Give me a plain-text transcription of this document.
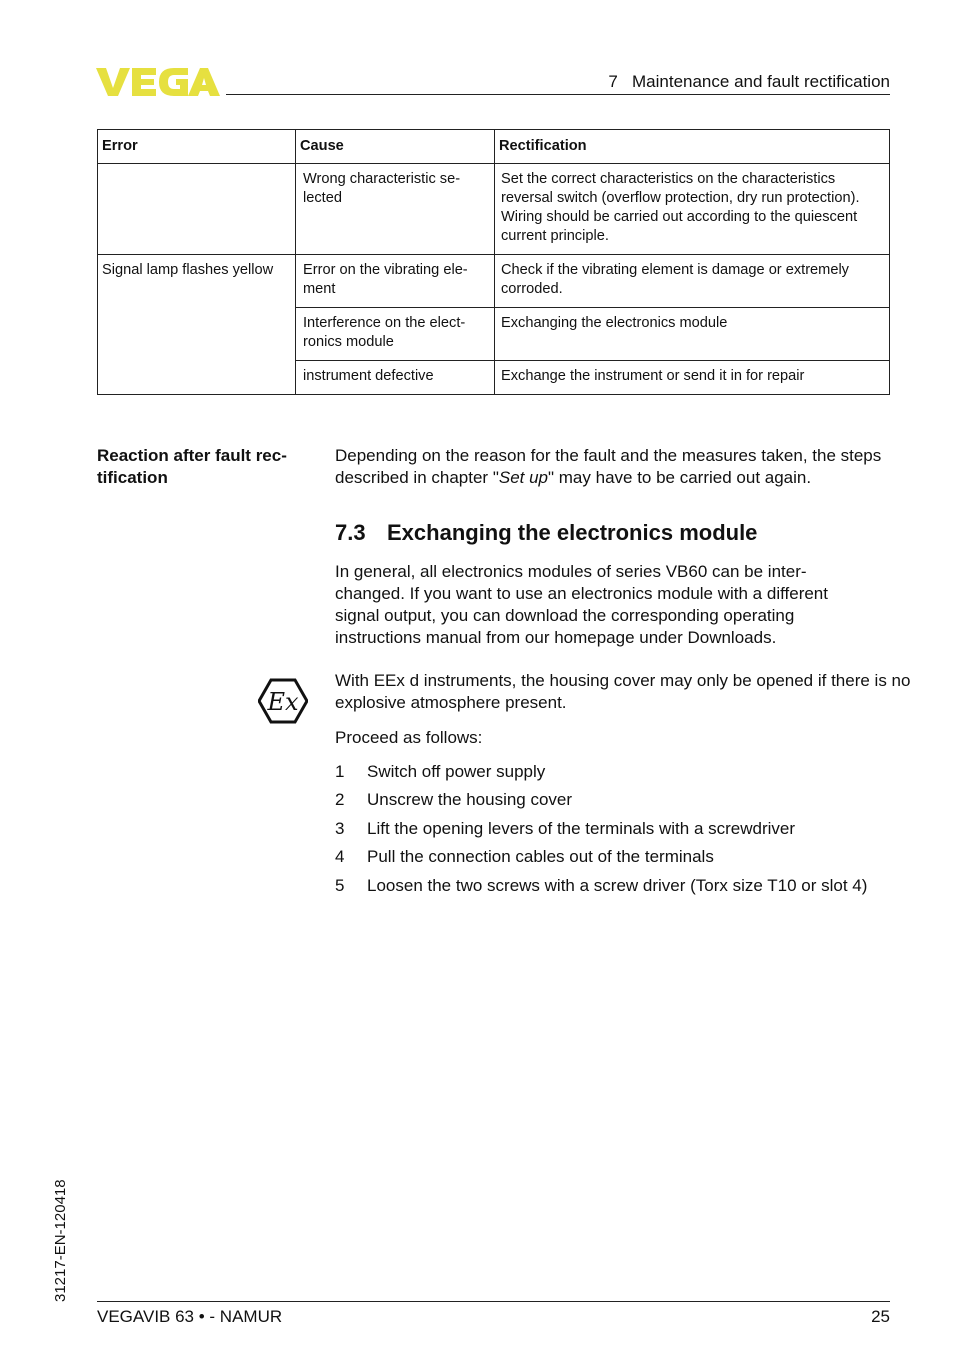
7   Maintenance and fault rectification
Error	Cause	Rectification
	Wrong characteristic se-lected	Set the correct characteristics on the characteristics reversal switch (overflow protection, dry run protection). Wiring should be carried out according to the quiescent current principle.
Signal lamp flashes yellow	Error on the vibrating ele-ment	Check if the vibrating element is damage or extremely corroded.
	Interference on the elect-ronics module	Exchanging the electronics module
	instrument defective	Exchange the instrument or send it in for repair
Reaction after fault rec-tification
Depending on the reason for the fault and the measures taken, the steps described in chapter "Set up" may have to be carried out again.
7.3 Exchanging the electronics module
In general, all electronics modules of series VB60 can be inter-changed. If you want to use an electronics module with a different signal output, you can download the corresponding operating instructions manual from our homepage under Downloads.
Ex
With EEx d instruments, the housing cover may only be opened if there is no explosive atmosphere present.
Proceed as follows:
1	Switch off power supply
2	Unscrew the housing cover
3	Lift the opening levers of the terminals with a screwdriver
4	Pull the connection cables out of the terminals
5	Loosen the two screws with a screw driver (Torx size T10 or slot 4)
31217-EN-120418
VEGAVIB 63 • - NAMUR	25
